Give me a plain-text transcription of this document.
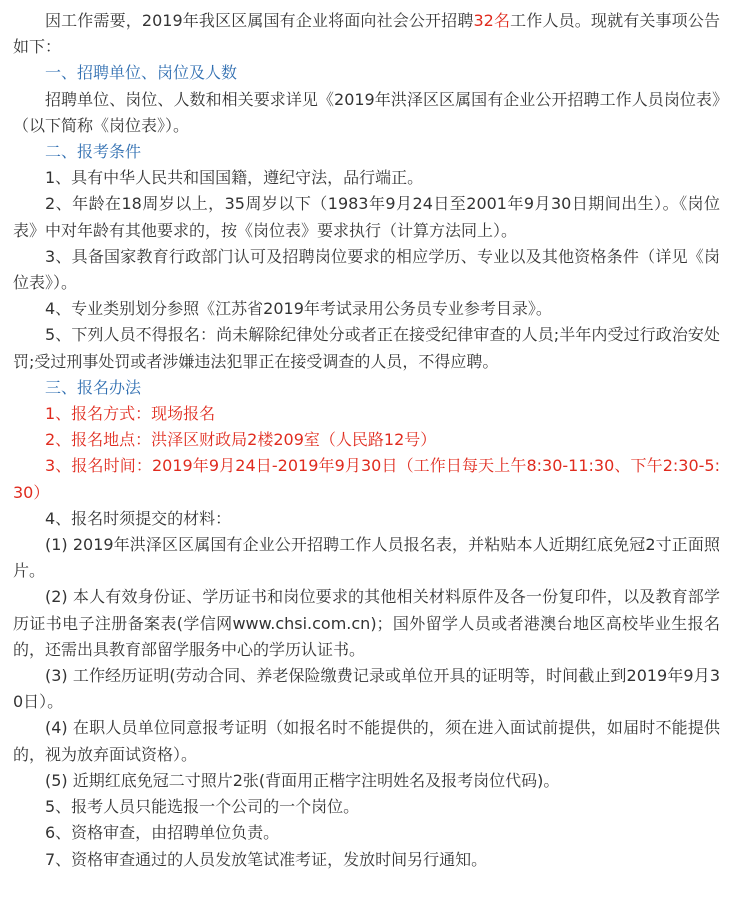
因工作需要，2019年我区区属国有企业将面向社会公开招聘32名工作人员。现就有关事项公告如下：

一、招聘单位、岗位及人数

招聘单位、岗位、人数和相关要求详见《2019年洪泽区区属国有企业公开招聘工作人员岗位表》（以下简称《岗位表》）。

二、报考条件

1、具有中华人民共和国国籍，遵纪守法，品行端正。

2、年龄在18周岁以上，35周岁以下（1983年9月24日至2001年9月30日期间出生）。《岗位表》中对年龄有其他要求的，按《岗位表》要求执行（计算方法同上）。

3、具备国家教育行政部门认可及招聘岗位要求的相应学历、专业以及其他资格条件（详见《岗位表》）。

4、专业类别划分参照《江苏省2019年考试录用公务员专业参考目录》。

5、下列人员不得报名：尚未解除纪律处分或者正在接受纪律审查的人员;半年内受过行政治安处罚;受过刑事处罚或者涉嫌违法犯罪正在接受调查的人员，不得应聘。

三、报名办法

1、报名方式：现场报名

2、报名地点：洪泽区财政局2楼209室（人民路12号）

3、报名时间：2019年9月24日-2019年9月30日（工作日每天上午8:30-11:30、下午2:30-5:30）

4、报名时须提交的材料：

(1) 2019年洪泽区区属国有企业公开招聘工作人员报名表，并粘贴本人近期红底免冠2寸正面照片。

(2) 本人有效身份证、学历证书和岗位要求的其他相关材料原件及各一份复印件，以及教育部学历证书电子注册备案表(学信网www.chsi.com.cn)；国外留学人员或者港澳台地区高校毕业生报名的，还需出具教育部留学服务中心的学历认证书。

(3) 工作经历证明(劳动合同、养老保险缴费记录或单位开具的证明等，时间截止到2019年9月30日）。

(4) 在职人员单位同意报考证明（如报名时不能提供的，须在进入面试前提供，如届时不能提供的，视为放弃面试资格）。

(5) 近期红底免冠二寸照片2张(背面用正楷字注明姓名及报考岗位代码)。

5、报考人员只能选报一个公司的一个岗位。

6、资格审查，由招聘单位负责。

7、资格审查通过的人员发放笔试准考证，发放时间另行通知。
